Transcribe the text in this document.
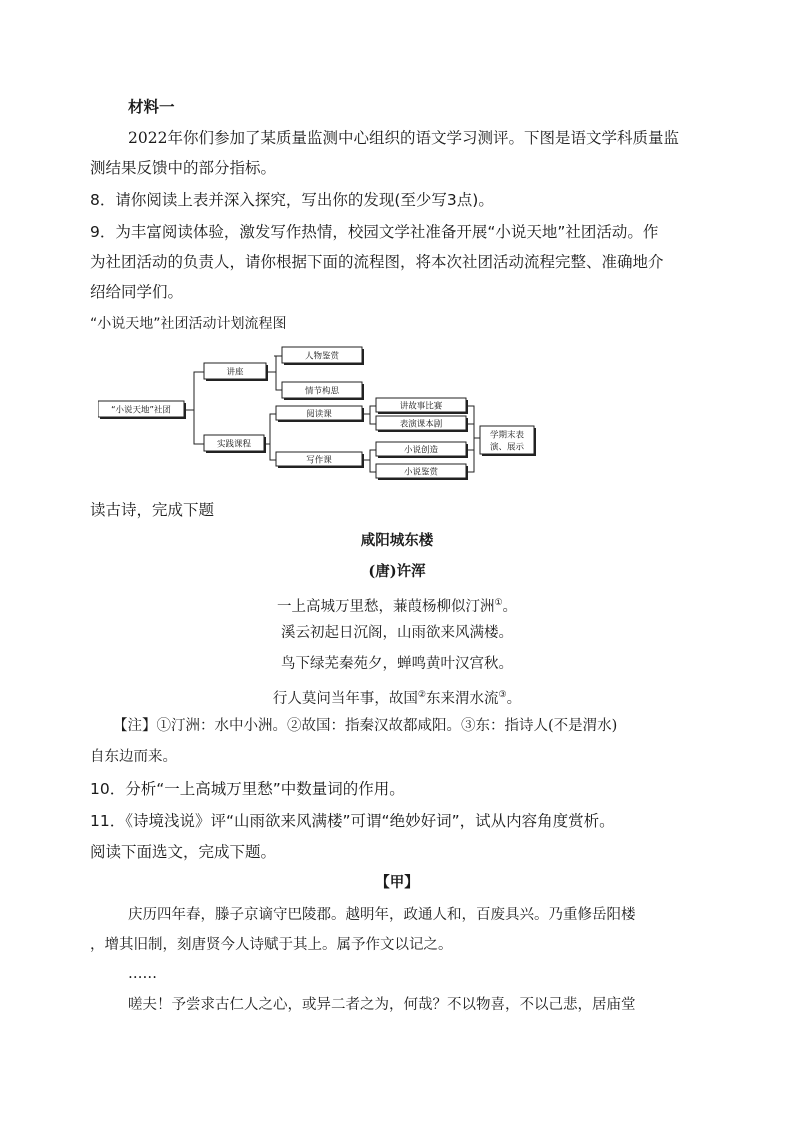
材料一
2022年你们参加了某质量监测中心组织的语文学习测评。下图是语文学科质量监
测结果反馈中的部分指标。
8．请你阅读上表并深入探究，写出你的发现(至少写3点)。
9．为丰富阅读体验，激发写作热情，校园文学社准备开展“小说天地”社团活动。作
为社团活动的负责人，请你根据下面的流程图，将本次社团活动流程完整、准确地介
绍给同学们。
“小说天地”社团活动计划流程图
“小说天地”社团
讲座
实践课程
人物鉴赏
情节构思
阅读课
写作课
讲故事比赛
表演课本剧
小说创造
小说鉴赏
学期末表
演、展示
读古诗，完成下题
咸阳城东楼
(唐)许浑
一上高城万里愁，蒹葭杨柳似汀洲①。
溪云初起日沉阁，山雨欲来风满楼。
鸟下绿芜秦苑夕，蝉鸣黄叶汉宫秋。
行人莫问当年事，故国②东来渭水流③。
【注】①汀洲：水中小洲。②故国：指秦汉故都咸阳。③东：指诗人(不是渭水)
自东边而来。
10．分析“一上高城万里愁”中数量词的作用。
11．《诗境浅说》评“山雨欲来风满楼”可谓“绝妙好词”，试从内容角度赏析。
阅读下面选文，完成下题。
【甲】
庆历四年春，滕子京谪守巴陵郡。越明年，政通人和，百废具兴。乃重修岳阳楼
，增其旧制，刻唐贤今人诗赋于其上。属予作文以记之。
……
嗟夫！予尝求古仁人之心，或异二者之为，何哉？不以物喜，不以己悲，居庙堂
